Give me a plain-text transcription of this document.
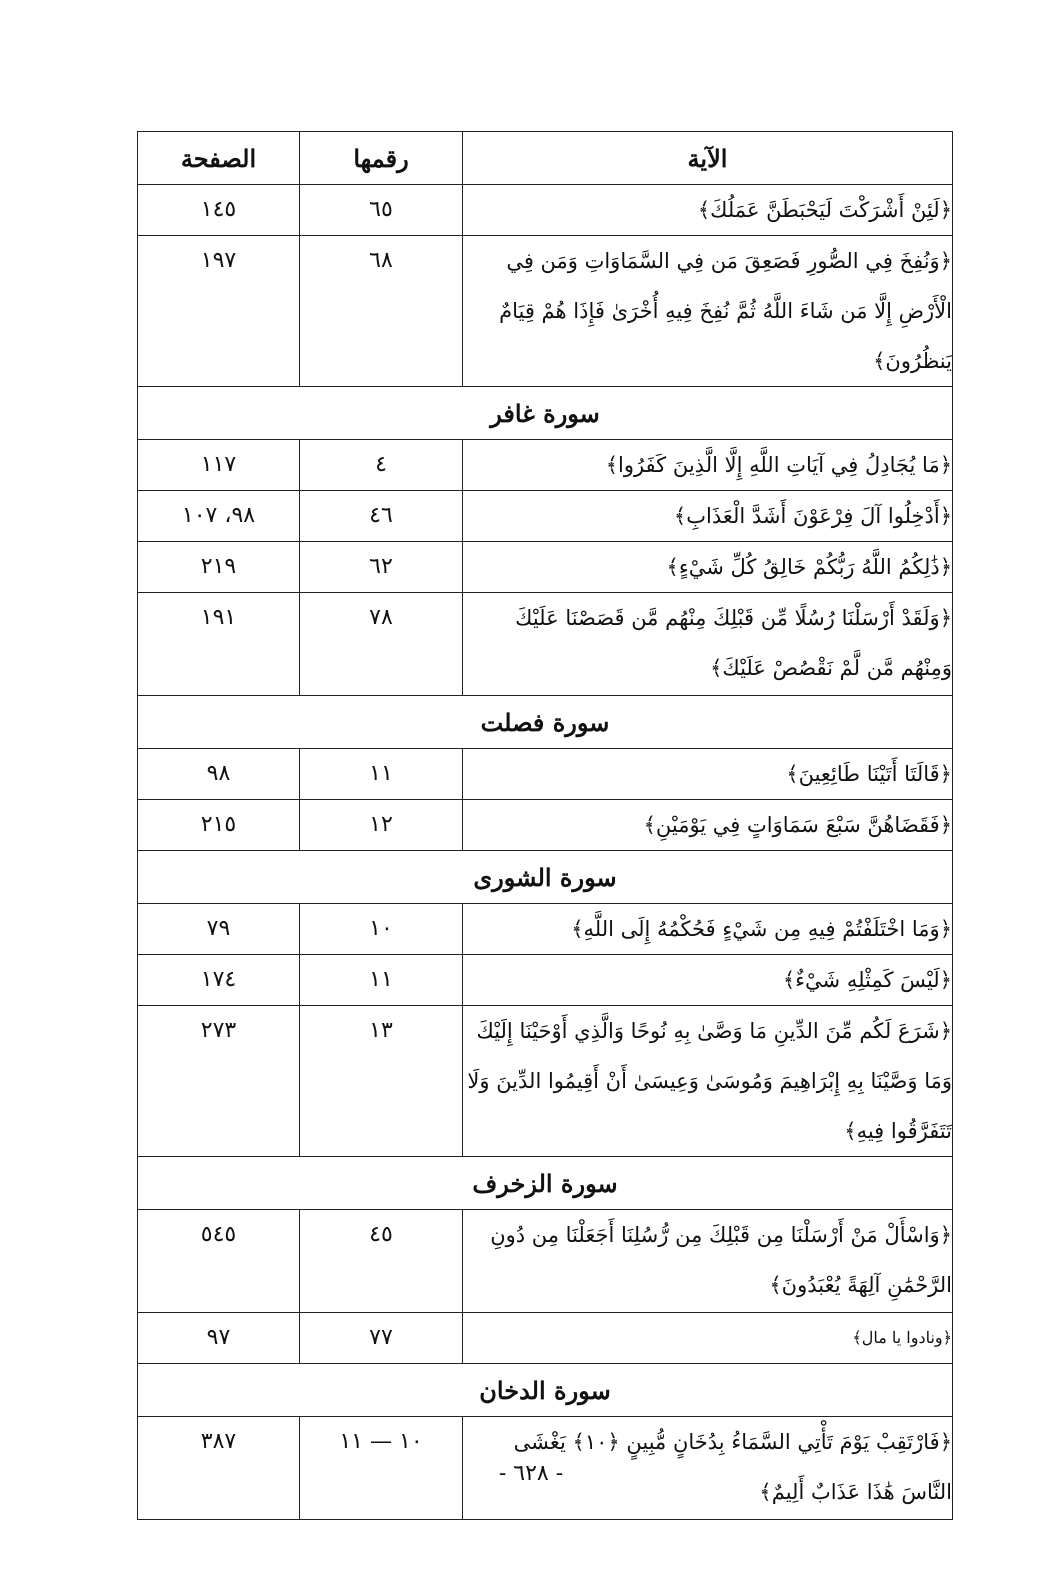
الآية	رقمها	الصفحة
﴿لَئِنْ أَشْرَكْتَ لَيَحْبَطَنَّ عَمَلُكَ﴾	٦٥	١٤٥
﴿وَنُفِخَ فِي الصُّورِ فَصَعِقَ مَن فِي السَّمَاوَاتِ وَمَن فِي الْأَرْضِ إِلَّا مَن شَاءَ اللَّهُ ثُمَّ نُفِخَ فِيهِ أُخْرَىٰ فَإِذَا هُمْ قِيَامٌ يَنظُرُونَ﴾	٦٨	١٩٧
سورة غافر		
﴿مَا يُجَادِلُ فِي آيَاتِ اللَّهِ إِلَّا الَّذِينَ كَفَرُوا﴾	٤	١١٧
﴿أَدْخِلُوا آلَ فِرْعَوْنَ أَشَدَّ الْعَذَابِ﴾	٤٦	٩٨، ١٠٧
﴿ذَٰلِكُمُ اللَّهُ رَبُّكُمْ خَالِقُ كُلِّ شَيْءٍ﴾	٦٢	٢١٩
﴿وَلَقَدْ أَرْسَلْنَا رُسُلًا مِّن قَبْلِكَ مِنْهُم مَّن قَصَصْنَا عَلَيْكَ وَمِنْهُم مَّن لَّمْ نَقْصُصْ عَلَيْكَ﴾	٧٨	١٩١
سورة فصلت		
﴿قَالَتَا أَتَيْنَا طَائِعِينَ﴾	١١	٩٨
﴿فَقَضَاهُنَّ سَبْعَ سَمَاوَاتٍ فِي يَوْمَيْنِ﴾	١٢	٢١٥
سورة الشورى		
﴿وَمَا اخْتَلَفْتُمْ فِيهِ مِن شَيْءٍ فَحُكْمُهُ إِلَى اللَّهِ﴾	١٠	٧٩
﴿لَيْسَ كَمِثْلِهِ شَيْءٌ﴾	١١	١٧٤
﴿شَرَعَ لَكُم مِّنَ الدِّينِ مَا وَصَّىٰ بِهِ نُوحًا وَالَّذِي أَوْحَيْنَا إِلَيْكَ وَمَا وَصَّيْنَا بِهِ إِبْرَاهِيمَ وَمُوسَىٰ وَعِيسَىٰ أَنْ أَقِيمُوا الدِّينَ وَلَا تَتَفَرَّقُوا فِيهِ﴾	١٣	٢٧٣
سورة الزخرف		
﴿وَاسْأَلْ مَنْ أَرْسَلْنَا مِن قَبْلِكَ مِن رُّسُلِنَا أَجَعَلْنَا مِن دُونِ الرَّحْمَٰنِ آلِهَةً يُعْبَدُونَ﴾	٤٥	٥٤٥
﴿ونادوا يا مال﴾	٧٧	٩٧
سورة الدخان		
﴿فَارْتَقِبْ يَوْمَ تَأْتِي السَّمَاءُ بِدُخَانٍ مُّبِينٍ ﴿١٠﴾ يَغْشَى النَّاسَ هَٰذَا عَذَابٌ أَلِيمٌ﴾	١٠ — ١١	٣٨٧
- ٦٢٨ -
